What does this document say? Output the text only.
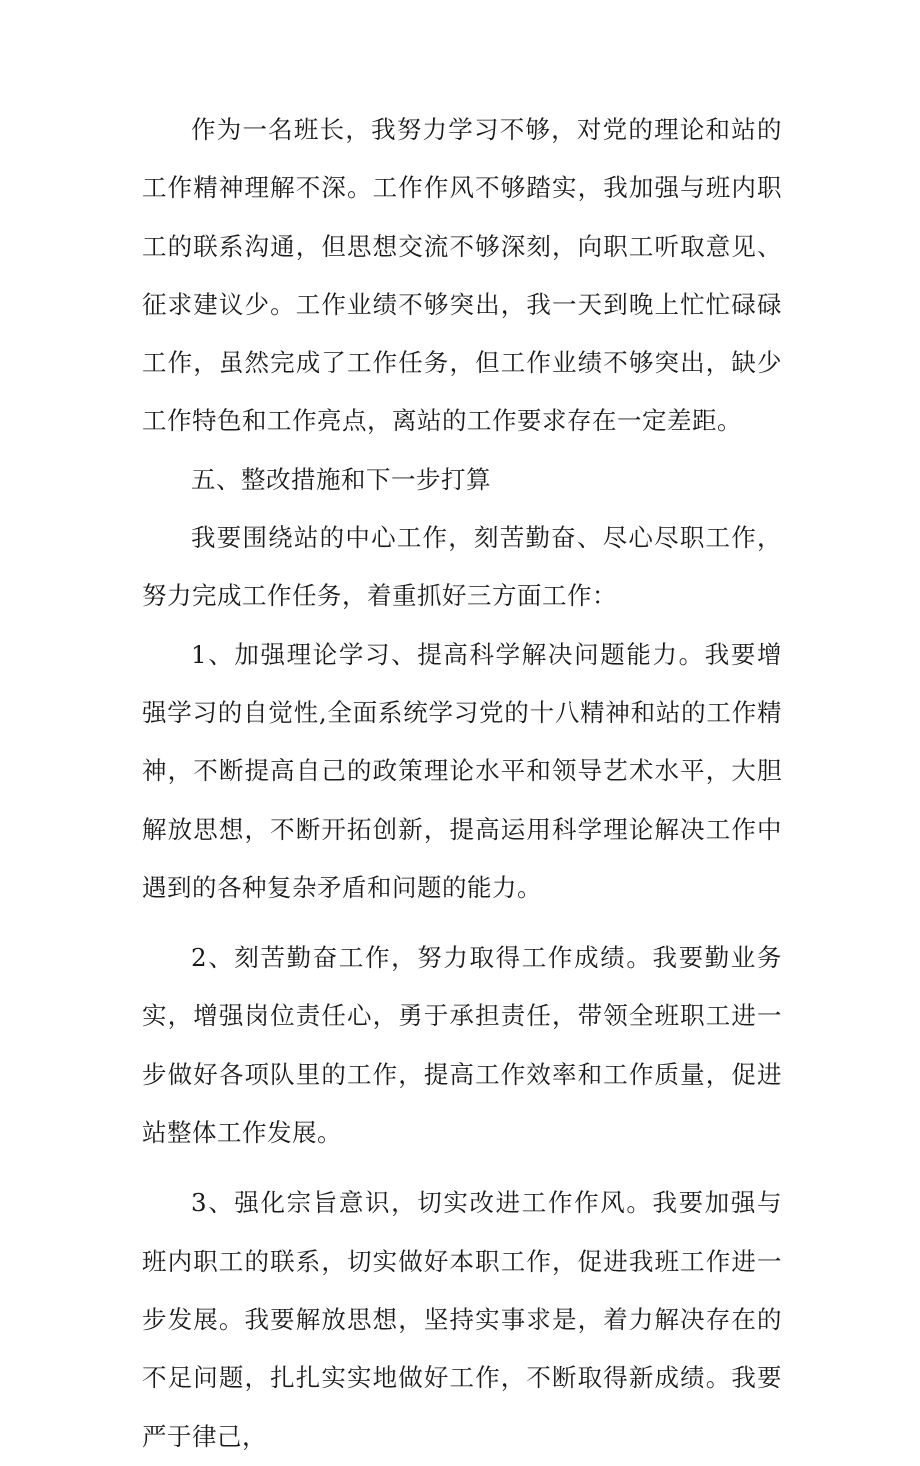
作为一名班长，我努力学习不够，对党的理论和站的工作精神理解不深。工作作风不够踏实，我加强与班内职工的联系沟通，但思想交流不够深刻，向职工听取意见、征求建议少。工作业绩不够突出，我一天到晚上忙忙碌碌工作，虽然完成了工作任务，但工作业绩不够突出，缺少工作特色和工作亮点，离站的工作要求存在一定差距。

五、整改措施和下一步打算

我要围绕站的中心工作，刻苦勤奋、尽心尽职工作，努力完成工作任务，着重抓好三方面工作：

1、加强理论学习、提高科学解决问题能力。我要增强学习的自觉性,全面系统学习党的十八精神和站的工作精神，不断提高自己的政策理论水平和领导艺术水平，大胆解放思想，不断开拓创新，提高运用科学理论解决工作中遇到的各种复杂矛盾和问题的能力。

2、刻苦勤奋工作，努力取得工作成绩。我要勤业务实，增强岗位责任心，勇于承担责任，带领全班职工进一步做好各项队里的工作，提高工作效率和工作质量，促进站整体工作发展。

3、强化宗旨意识，切实改进工作作风。我要加强与班内职工的联系，切实做好本职工作，促进我班工作进一步发展。我要解放思想，坚持实事求是，着力解决存在的不足问题，扎扎实实地做好工作，不断取得新成绩。我要严于律己，
